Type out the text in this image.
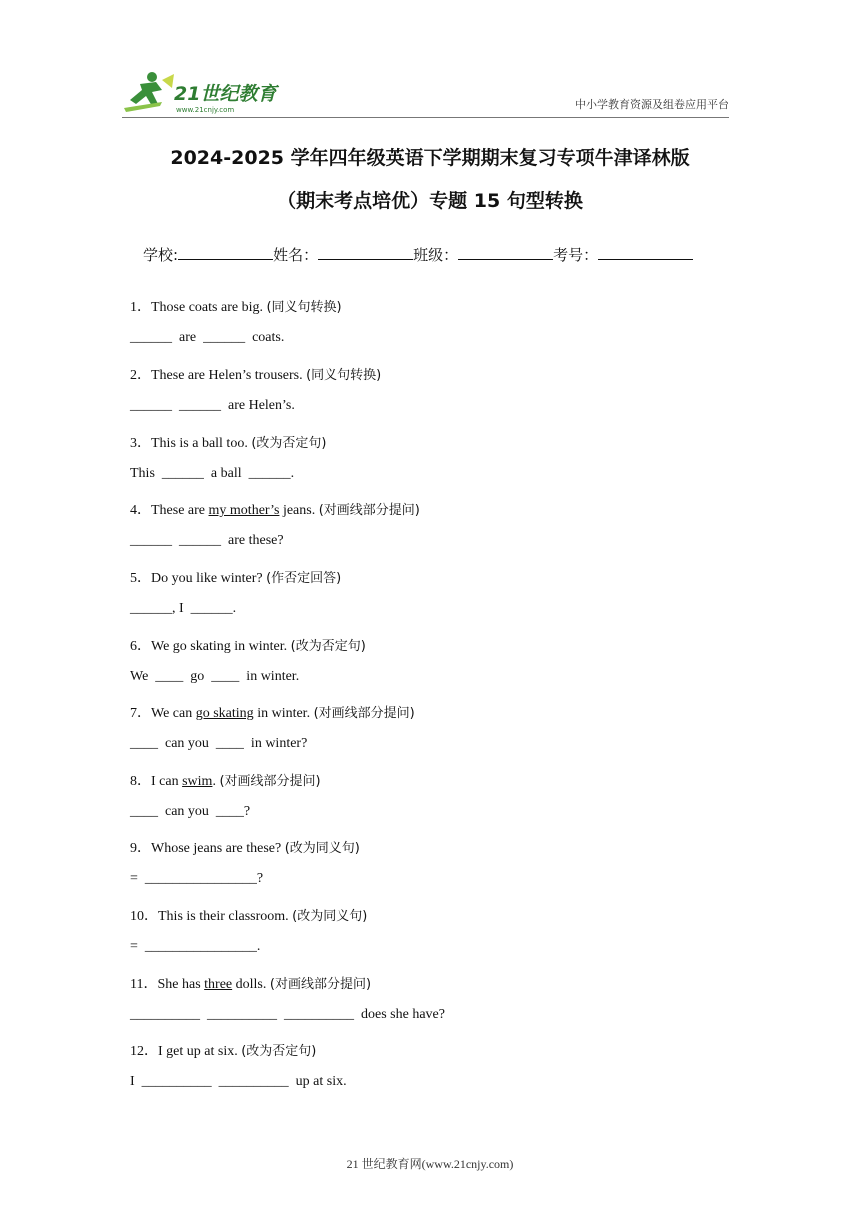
21世纪教育
www.21cnjy.com	中小学教育资源及组卷应用平台
2024-2025 学年四年级英语下学期期末复习专项牛津译林版
（期末考点培优）专题 15 句型转换
学校:	姓名：	班级：	考号：
1．Those coats are big. (同义句转换)
______  are  ______  coats.
2．These are Helen’s trousers. (同义句转换)
______  ______  are Helen’s.
3．This is a ball too. (改为否定句)
This  ______  a ball  ______.
4．These are my mother’s jeans. (对画线部分提问)
______  ______  are these?
5．Do you like winter? (作否定回答)
______, I  ______.
6．We go skating in winter. (改为否定句)
We  ____  go  ____  in winter.
7．We can go skating in winter. (对画线部分提问)
____  can you  ____  in winter?
8．I can swim. (对画线部分提问)
____  can you  ____?
9．Whose jeans are these? (改为同义句)
=  ________________?
10．This is their classroom. (改为同义句)
=  ________________.
11．She has three dolls. (对画线部分提问)
__________  __________  __________  does she have?
12．I get up at six. (改为否定句)
I  __________  __________  up at six.
21 世纪教育网(www.21cnjy.com)
